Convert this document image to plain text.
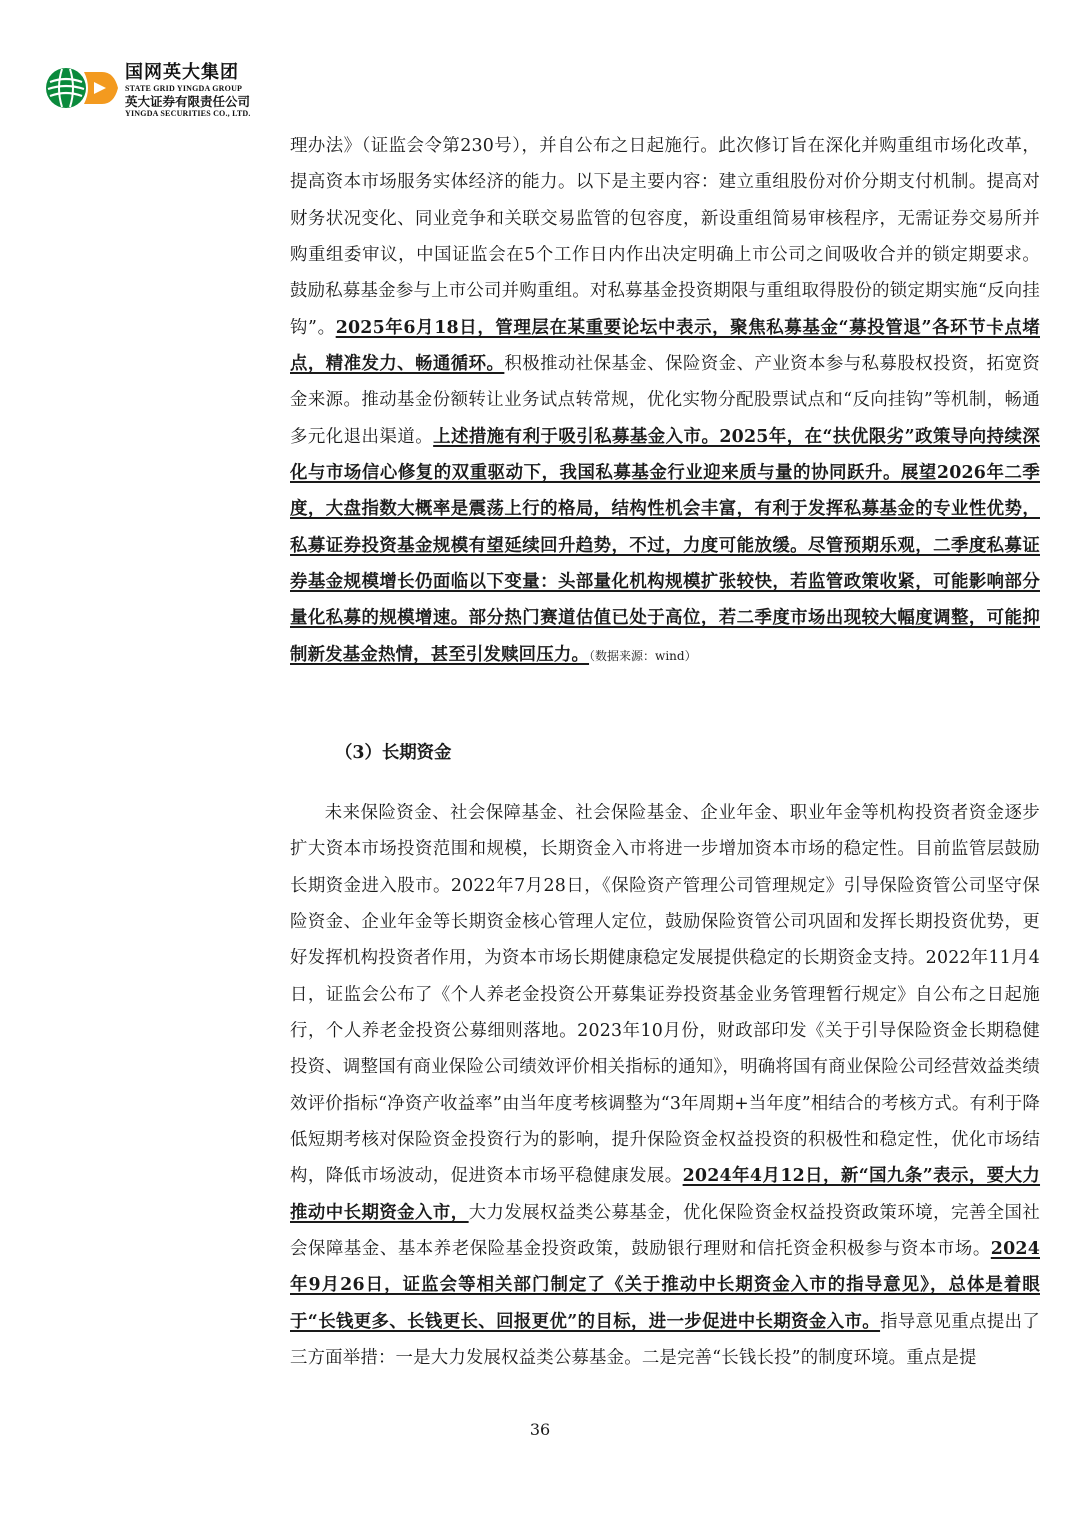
国网英大集团
STATE GRID YINGDA GROUP
英大证券有限责任公司
YINGDA SECURITIES CO., LTD.

理办法》（证监会令第230号），并自公布之日起施行。此次修订旨在深化并购重组市场化改革，提高资本市场服务实体经济的能力。以下是主要内容：建立重组股份对价分期支付机制。提高对财务状况变化、同业竞争和关联交易监管的包容度，新设重组简易审核程序，无需证券交易所并购重组委审议，中国证监会在5个工作日内作出决定明确上市公司之间吸收合并的锁定期要求。鼓励私募基金参与上市公司并购重组。对私募基金投资期限与重组取得股份的锁定期实施“反向挂钩”。2025年6月18日，管理层在某重要论坛中表示，聚焦私募基金“募投管退”各环节卡点堵点，精准发力、畅通循环。积极推动社保基金、保险资金、产业资本参与私募股权投资，拓宽资金来源。推动基金份额转让业务试点转常规，优化实物分配股票试点和“反向挂钩”等机制，畅通多元化退出渠道。上述措施有利于吸引私募基金入市。2025年，在“扶优限劣”政策导向持续深化与市场信心修复的双重驱动下，我国私募基金行业迎来质与量的协同跃升。展望2026年二季度，大盘指数大概率是震荡上行的格局，结构性机会丰富，有利于发挥私募基金的专业性优势，私募证券投资基金规模有望延续回升趋势，不过，力度可能放缓。尽管预期乐观，二季度私募证券基金规模增长仍面临以下变量：头部量化机构规模扩张较快，若监管政策收紧，可能影响部分量化私募的规模增速。部分热门赛道估值已处于高位，若二季度市场出现较大幅度调整，可能抑制新发基金热情，甚至引发赎回压力。（数据来源：wind）

（3）长期资金

未来保险资金、社会保障基金、社会保险基金、企业年金、职业年金等机构投资者资金逐步扩大资本市场投资范围和规模，长期资金入市将进一步增加资本市场的稳定性。目前监管层鼓励长期资金进入股市。2022年7月28日，《保险资产管理公司管理规定》引导保险资管公司坚守保险资金、企业年金等长期资金核心管理人定位，鼓励保险资管公司巩固和发挥长期投资优势，更好发挥机构投资者作用，为资本市场长期健康稳定发展提供稳定的长期资金支持。2022年11月4日，证监会公布了《个人养老金投资公开募集证券投资基金业务管理暂行规定》自公布之日起施行，个人养老金投资公募细则落地。2023年10月份，财政部印发《关于引导保险资金长期稳健投资、调整国有商业保险公司绩效评价相关指标的通知》，明确将国有商业保险公司经营效益类绩效评价指标“净资产收益率”由当年度考核调整为“3年周期+当年度”相结合的考核方式。有利于降低短期考核对保险资金投资行为的影响，提升保险资金权益投资的积极性和稳定性，优化市场结构，降低市场波动，促进资本市场平稳健康发展。2024年4月12日，新“国九条”表示，要大力推动中长期资金入市，大力发展权益类公募基金，优化保险资金权益投资政策环境，完善全国社会保障基金、基本养老保险基金投资政策，鼓励银行理财和信托资金积极参与资本市场。2024年9月26日，证监会等相关部门制定了《关于推动中长期资金入市的指导意见》，总体是着眼于“长钱更多、长钱更长、回报更优”的目标，进一步促进中长期资金入市。指导意见重点提出了三方面举措：一是大力发展权益类公募基金。二是完善“长钱长投”的制度环境。重点是提

36
